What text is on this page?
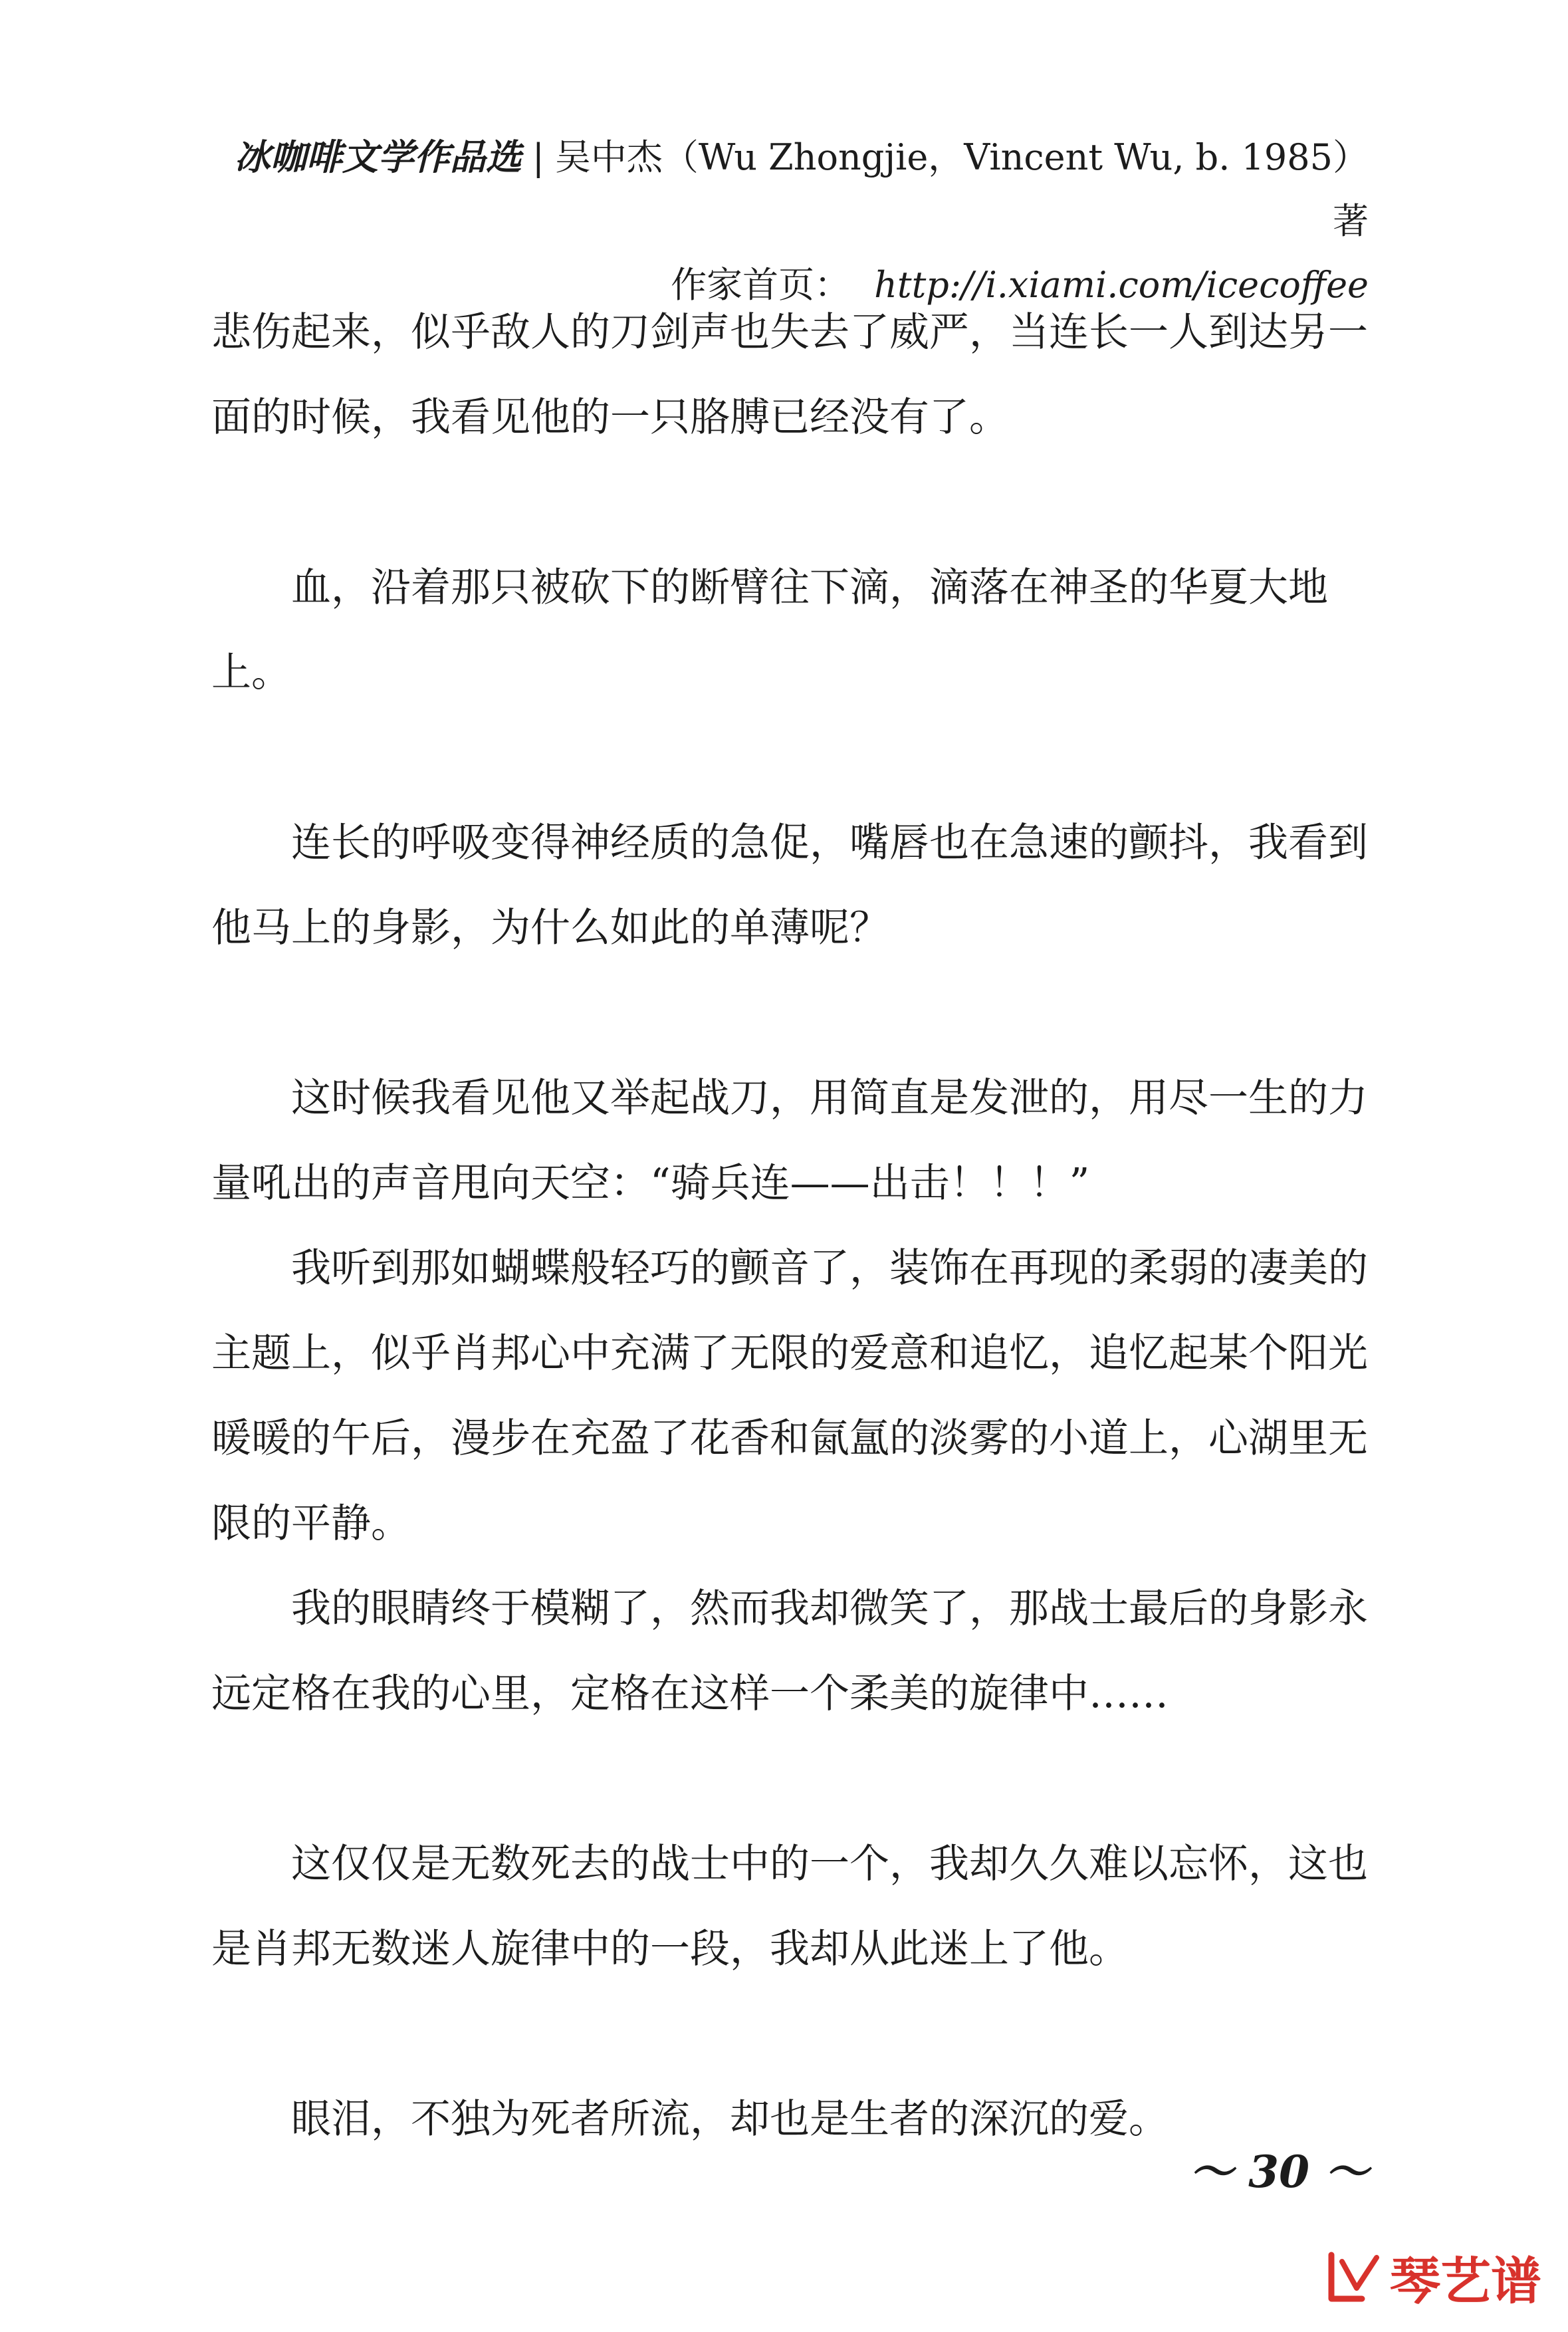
冰咖啡文学作品选 | 吴中杰（Wu Zhongjie，Vincent Wu, b. 1985）著
作家首页： http://i.xiami.com/icecoffee

悲伤起来，似乎敌人的刀剑声也失去了威严，当连长一人到达另一面的时候，我看见他的一只胳膊已经没有了。

血，沿着那只被砍下的断臂往下滴，滴落在神圣的华夏大地上。

连长的呼吸变得神经质的急促，嘴唇也在急速的颤抖，我看到他马上的身影，为什么如此的单薄呢？

这时候我看见他又举起战刀，用简直是发泄的，用尽一生的力量吼出的声音甩向天空：“骑兵连——出击！！！”

我听到那如蝴蝶般轻巧的颤音了，装饰在再现的柔弱的凄美的主题上，似乎肖邦心中充满了无限的爱意和追忆，追忆起某个阳光暖暖的午后，漫步在充盈了花香和氤氲的淡雾的小道上，心湖里无限的平静。

我的眼睛终于模糊了，然而我却微笑了，那战士最后的身影永远定格在我的心里，定格在这样一个柔美的旋律中……

这仅仅是无数死去的战士中的一个，我却久久难以忘怀，这也是肖邦无数迷人旋律中的一段，我却从此迷上了他。

眼泪，不独为死者所流，却也是生者的深沉的爱。

～ 30 ～
琴艺谱
